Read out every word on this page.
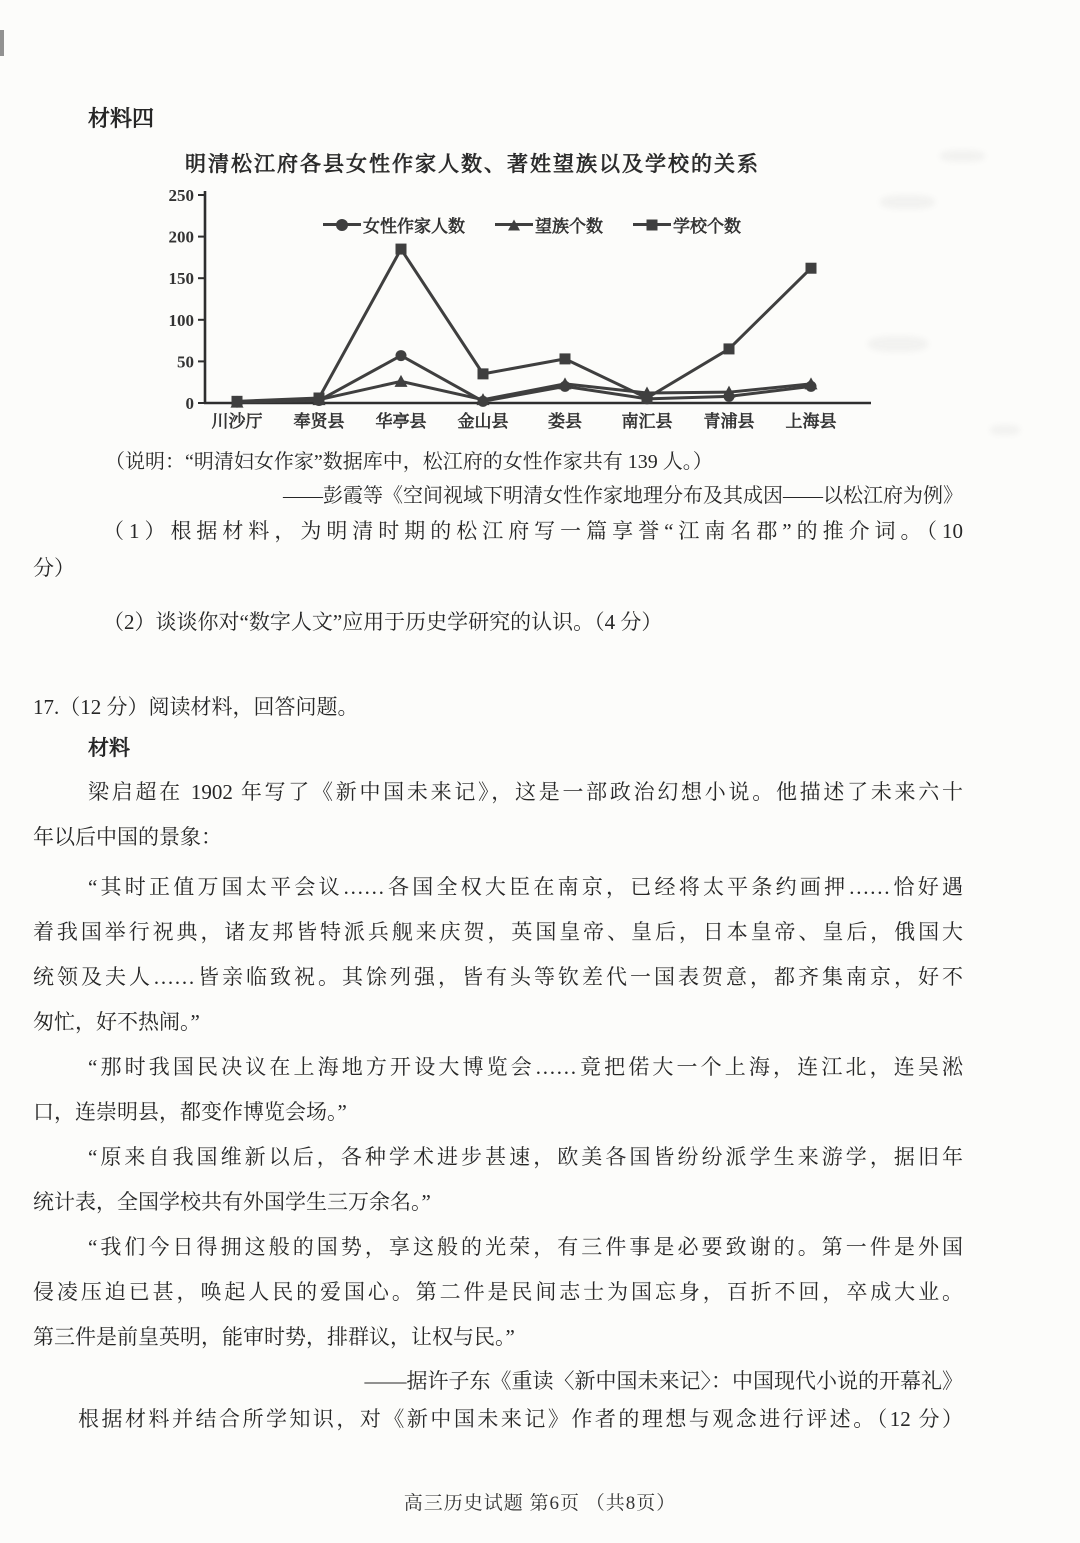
材料四
明清松江府各县女性作家人数、著姓望族以及学校的关系
0
50
100
150
200
250
川沙厅 奉贤县 华亭县 金山县 娄县 南汇县 青浦县 上海县
女性作家人数	望族个数	学校个数
（说明：“明清妇女作家”数据库中，松江府的女性作家共有 139 人。）
——彭霞等《空间视域下明清女性作家地理分布及其成因——以松江府为例》
（1）根据材料，为明清时期的松江府写一篇享誉“江南名郡”的推介词。（10
分）
（2）谈谈你对“数字人文”应用于历史学研究的认识。（4 分）
17.（12 分）阅读材料，回答问题。
材料
梁启超在 1902 年写了《新中国未来记》，这是一部政治幻想小说。他描述了未来六十
年以后中国的景象：
“其时正值万国太平会议……各国全权大臣在南京，已经将太平条约画押……恰好遇
着我国举行祝典，诸友邦皆特派兵舰来庆贺，英国皇帝、皇后，日本皇帝、皇后，俄国大
统领及夫人……皆亲临致祝。其馀列强，皆有头等钦差代一国表贺意，都齐集南京，好不
匆忙，好不热闹。”
“那时我国民决议在上海地方开设大博览会……竟把偌大一个上海，连江北，连吴淞
口，连崇明县，都变作博览会场。”
“原来自我国维新以后，各种学术进步甚速，欧美各国皆纷纷派学生来游学，据旧年
统计表，全国学校共有外国学生三万余名。”
“我们今日得拥这般的国势，享这般的光荣，有三件事是必要致谢的。第一件是外国
侵凌压迫已甚，唤起人民的爱国心。第二件是民间志士为国忘身，百折不回，卒成大业。
第三件是前皇英明，能审时势，排群议，让权与民。”
——据许子东《重读〈新中国未来记〉：中国现代小说的开幕礼》
根据材料并结合所学知识，对《新中国未来记》作者的理想与观念进行评述。（12 分）
高三历史试题 第6页 （共8页）
